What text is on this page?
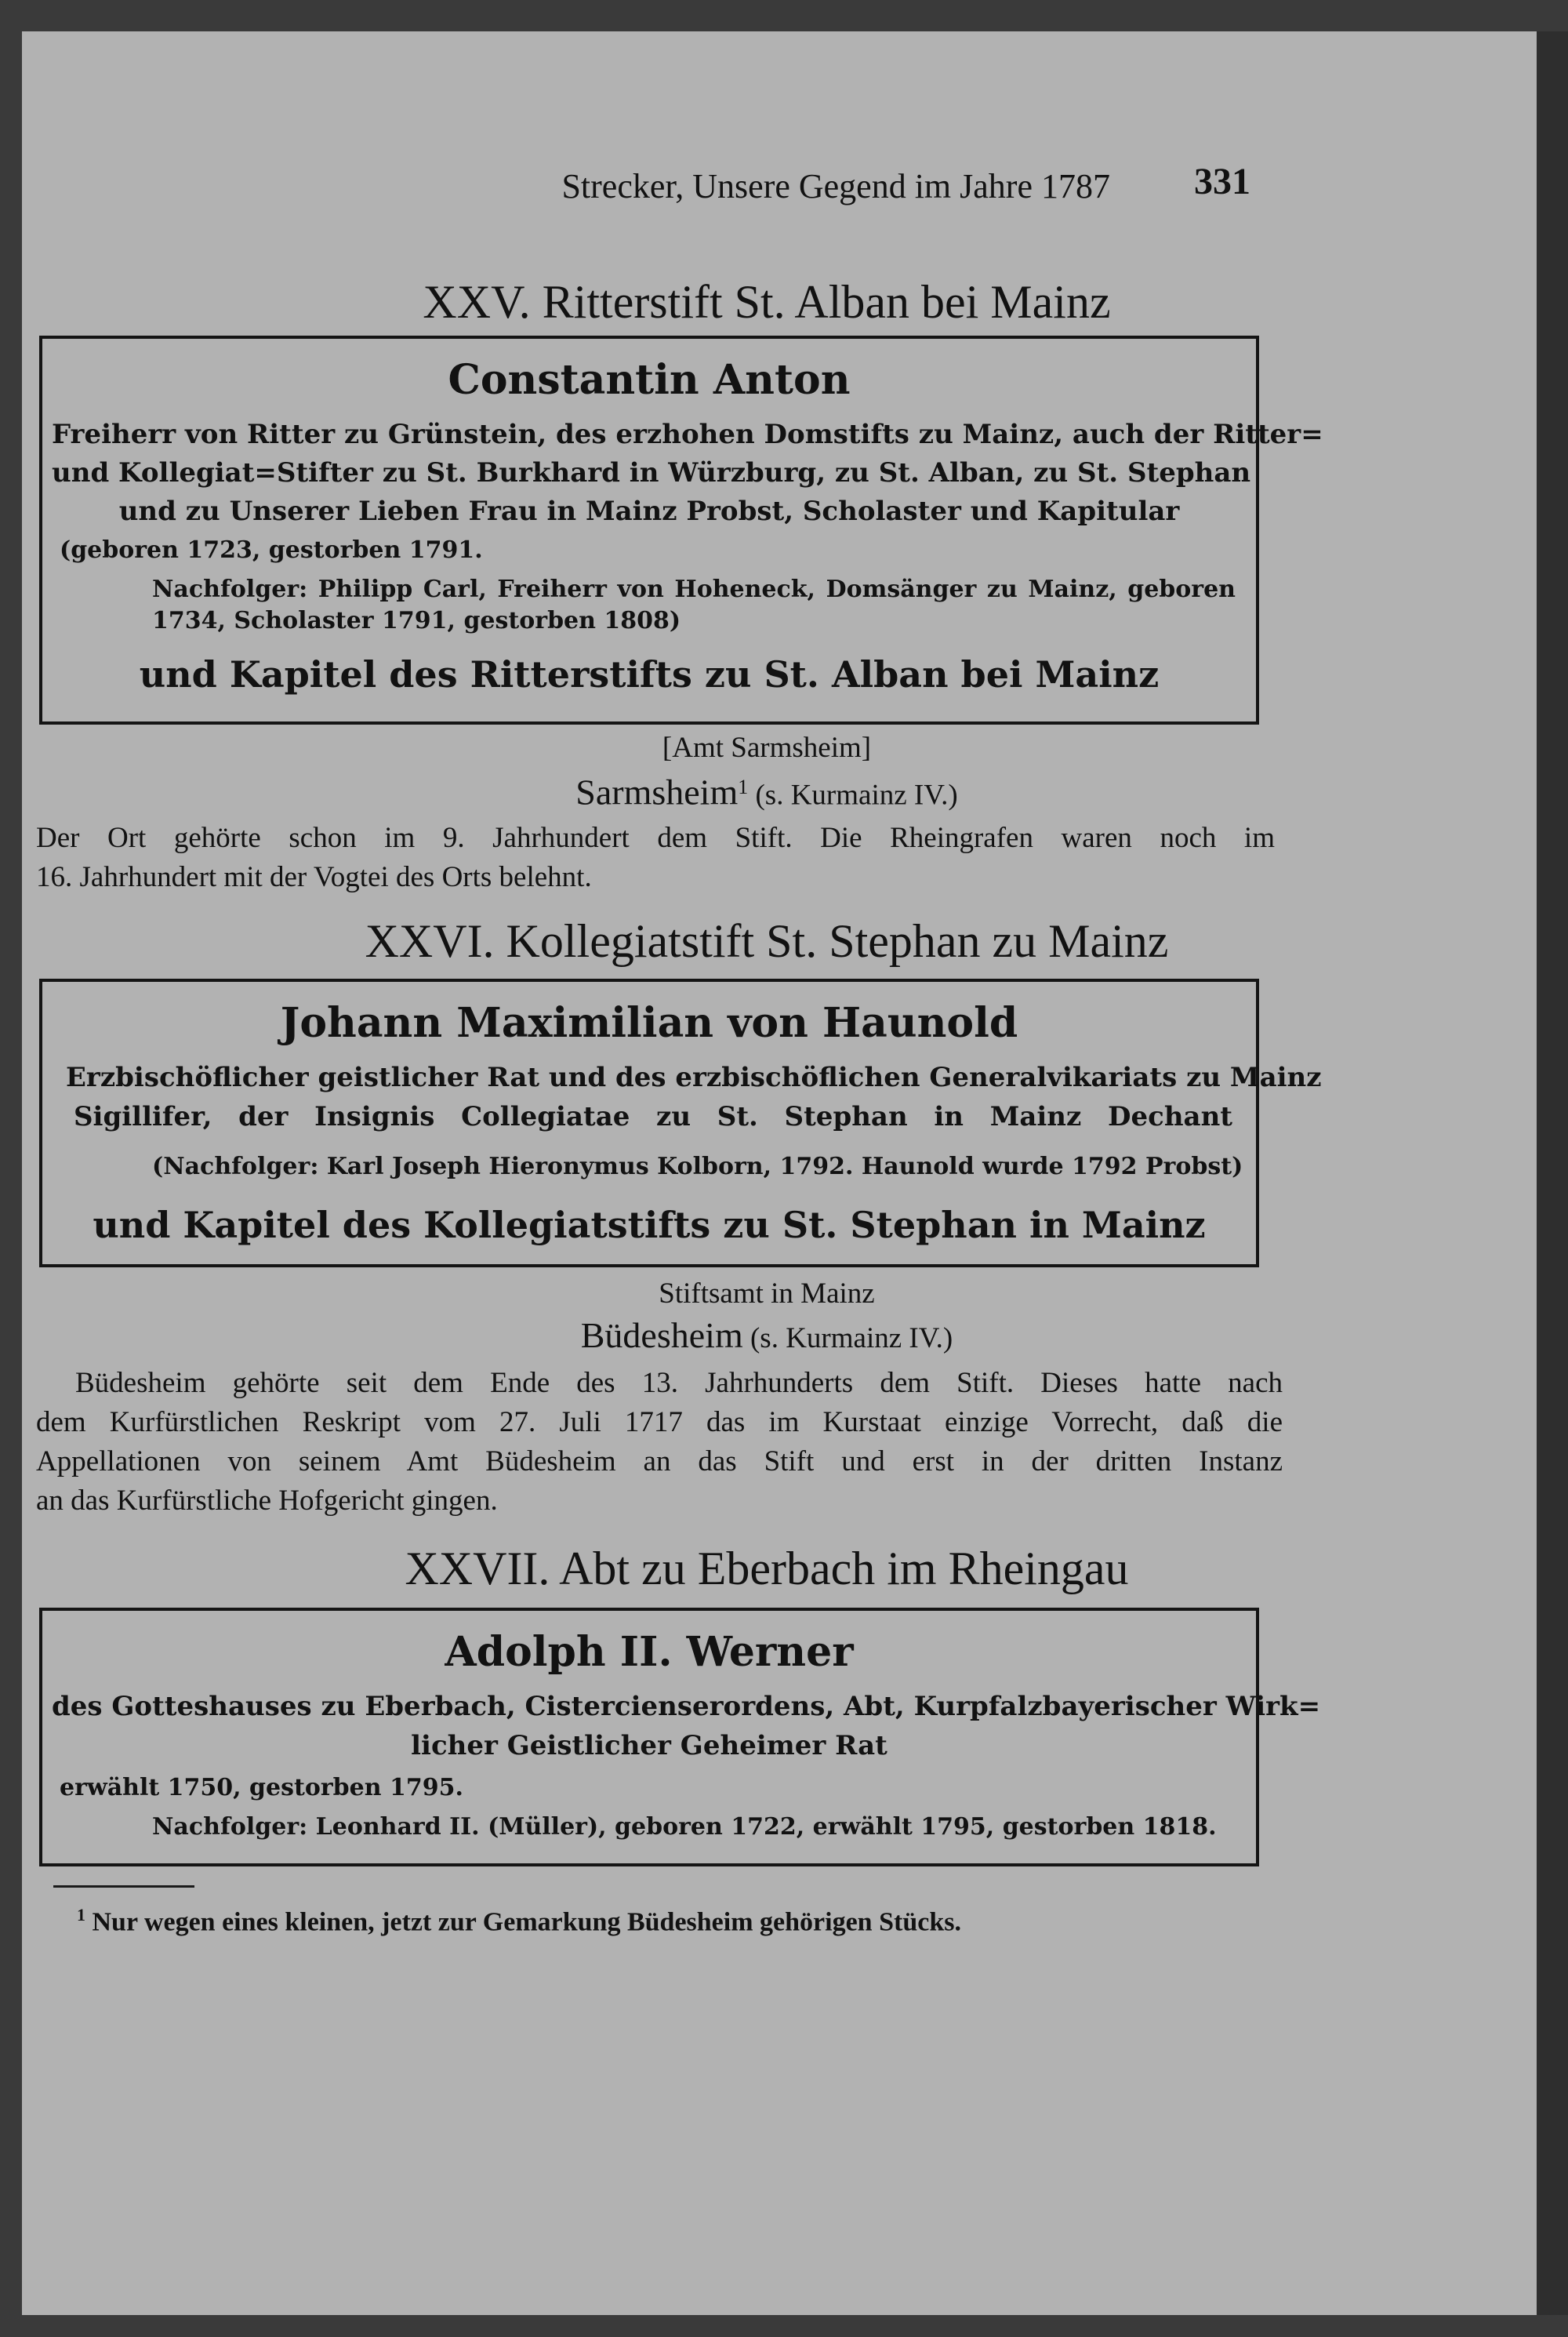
Strecker, Unsere Gegend im Jahre 1787 331
XXV. Ritterstift St. Alban bei Mainz
Constantin Anton
Freiherr von Ritter zu Grünstein, des erzhohen Domstifts zu Mainz, auch der Ritter=
und Kollegiat=Stifter zu St. Burkhard in Würzburg, zu St. Alban, zu St. Stephan
und zu Unserer Lieben Frau in Mainz Probst, Scholaster und Kapitular
(geboren 1723, gestorben 1791.
Nachfolger: Philipp Carl, Freiherr von Hoheneck, Domsänger zu Mainz, geboren
1734, Scholaster 1791, gestorben 1808)
und Kapitel des Ritterstifts zu St. Alban bei Mainz
[Amt Sarmsheim]
Sarmsheim$^1$ (s. Kurmainz IV.)
Der Ort gehörte schon im 9. Jahrhundert dem Stift. Die Rheingrafen waren noch im
16. Jahrhundert mit der Vogtei des Orts belehnt.
XXVI. Kollegiatstift St. Stephan zu Mainz
Johann Maximilian von Haunold
Erzbischöflicher geistlicher Rat und des erzbischöflichen Generalvikariats zu Mainz
Sigillifer, der Insignis Collegiatae zu St. Stephan in Mainz Dechant
(Nachfolger: Karl Joseph Hieronymus Kolborn, 1792. Haunold wurde 1792 Probst)
und Kapitel des Kollegiatstifts zu St. Stephan in Mainz
Stiftsamt in Mainz
Büdesheim (s. Kurmainz IV.)
Büdesheim gehörte seit dem Ende des 13. Jahrhunderts dem Stift. Dieses hatte nach
dem Kurfürstlichen Reskript vom 27. Juli 1717 das im Kurstaat einzige Vorrecht, daß die
Appellationen von seinem Amt Büdesheim an das Stift und erst in der dritten Instanz
an das Kurfürstliche Hofgericht gingen.
XXVII. Abt zu Eberbach im Rheingau
Adolph II. Werner
des Gotteshauses zu Eberbach, Cistercienserordens, Abt, Kurpfalzbayerischer Wirk=
licher Geistlicher Geheimer Rat
erwählt 1750, gestorben 1795.
Nachfolger: Leonhard II. (Müller), geboren 1722, erwählt 1795, gestorben 1818.
$^1$ Nur wegen eines kleinen, jetzt zur Gemarkung Büdesheim gehörigen Stücks.
